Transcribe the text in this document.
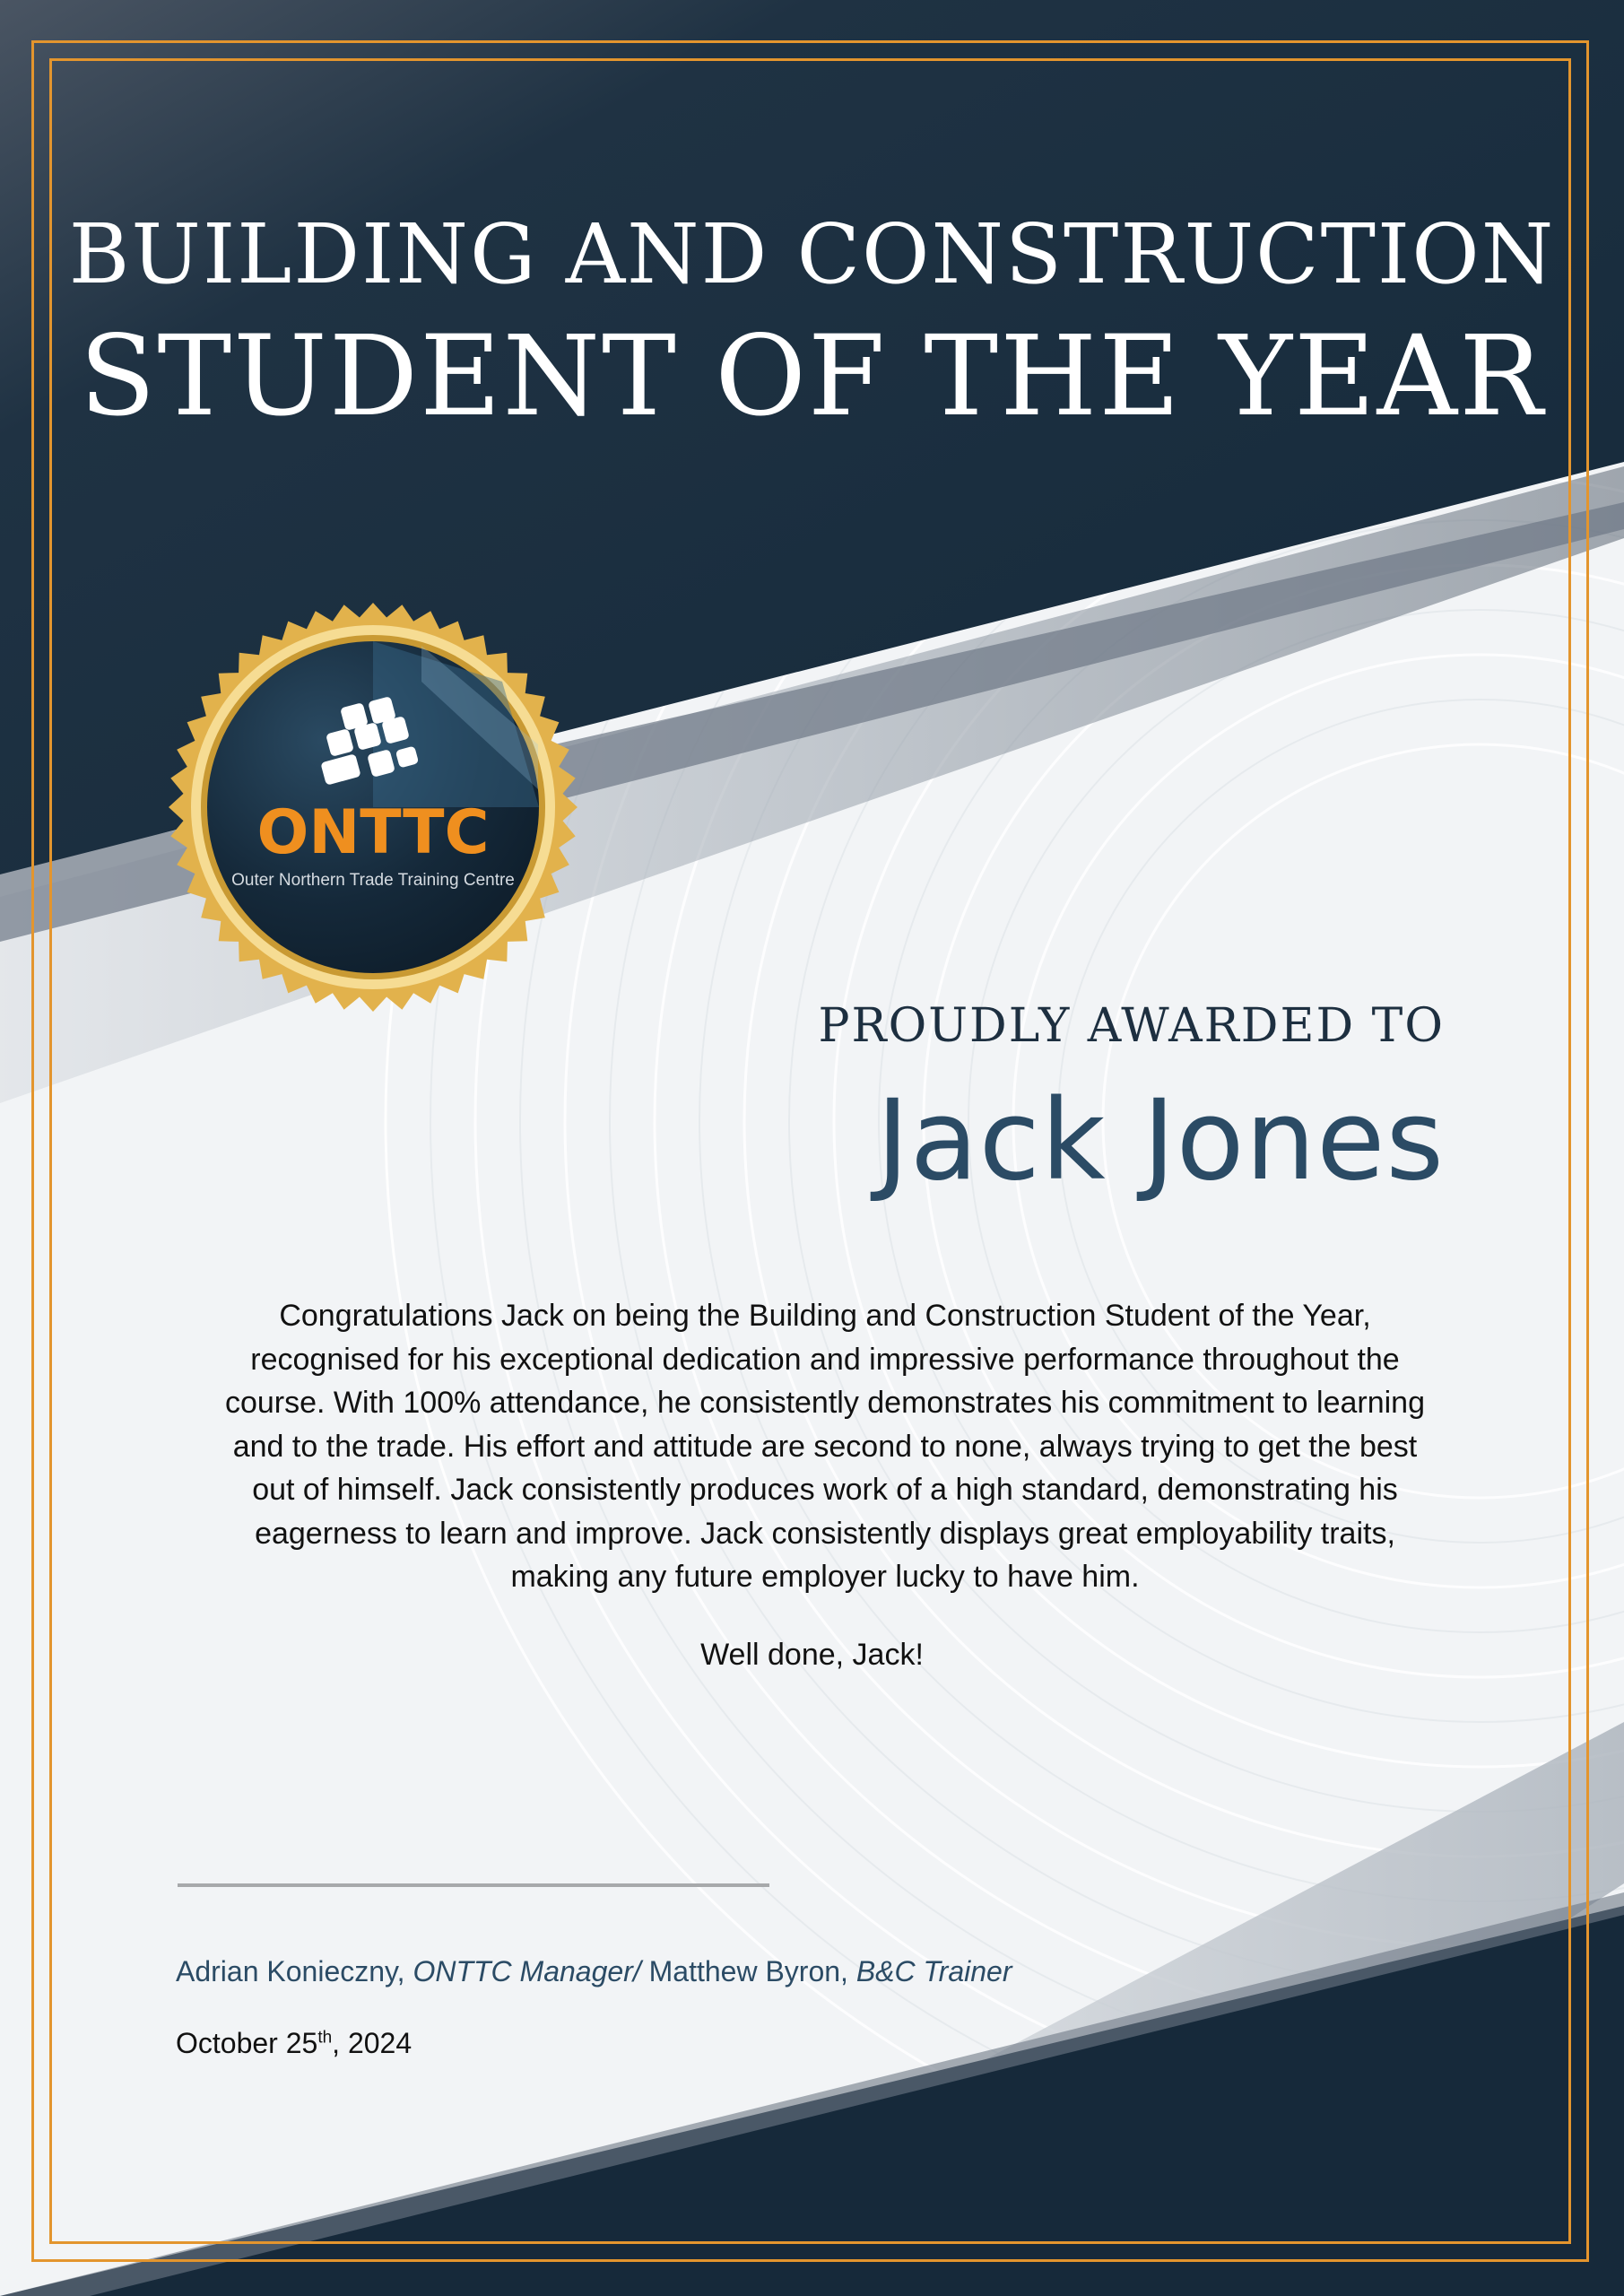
BUILDING AND CONSTRUCTION
STUDENT OF THE YEAR
ONTTC
Outer Northern Trade Training Centre
PROUDLY AWARDED TO
Jack Jones

Congratulations Jack on being the Building and Construction Student of the Year,

recognised for his exceptional dedication and impressive performance throughout the

course. With 100% attendance, he consistently demonstrates his commitment to learning

and to the trade. His effort and attitude are second to none, always trying to get the best

out of himself. Jack consistently produces work of a high standard, demonstrating his

eagerness to learn and improve. Jack consistently displays great employability traits,

making any future employer lucky to have him.

Well done, Jack!
Adrian Konieczny, ONTTC Manager/ Matthew Byron, B&C Trainer
October 25th, 2024
